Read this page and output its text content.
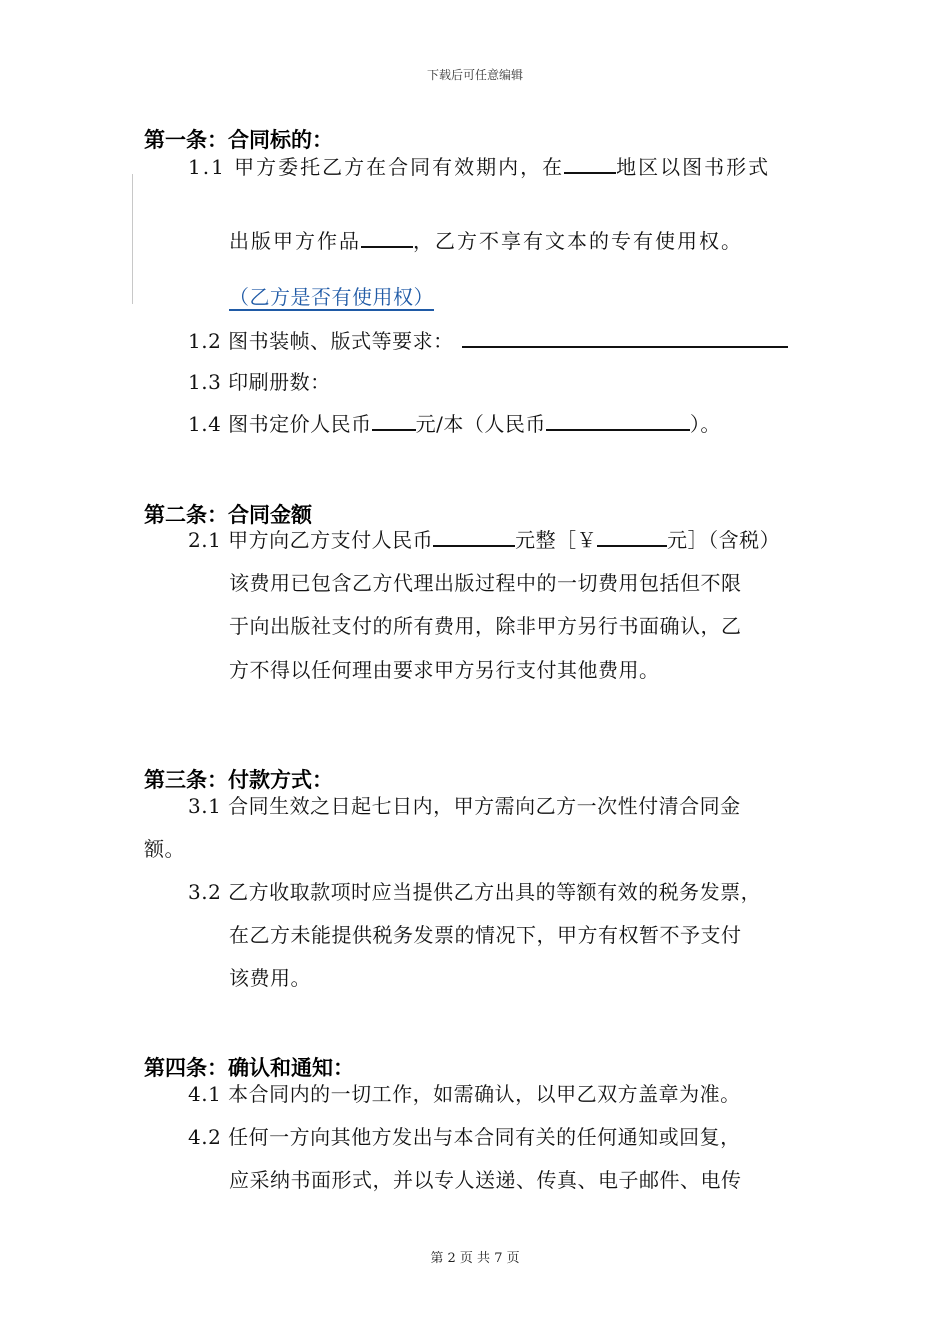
下载后可任意编辑
第一条：合同标的：
1.1 甲方委托乙方在合同有效期内，在	地区以图书形式
出版甲方作品	，乙方不享有文本的专有使用权。
（乙方是否有使用权）
1.2 图书装帧、版式等要求：
1.3 印刷册数：
1.4 图书定价人民币 元/本（人民币	）。
第二条：合同金额
2.1 甲方向乙方支付人民币	元整［￥	元］（含税）
该费用已包含乙方代理出版过程中的一切费用包括但不限
于向出版社支付的所有费用，除非甲方另行书面确认，乙
方不得以任何理由要求甲方另行支付其他费用。
第三条：付款方式：
3.1 合同生效之日起七日内，甲方需向乙方一次性付清合同金
额。
3.2 乙方收取款项时应当提供乙方出具的等额有效的税务发票，
在乙方未能提供税务发票的情况下，甲方有权暂不予支付
该费用。
第四条：确认和通知：
4.1 本合同内的一切工作，如需确认，以甲乙双方盖章为准。
4.2 任何一方向其他方发出与本合同有关的任何通知或回复，
应采纳书面形式，并以专人送递、传真、电子邮件、电传
第 2 页 共 7 页
